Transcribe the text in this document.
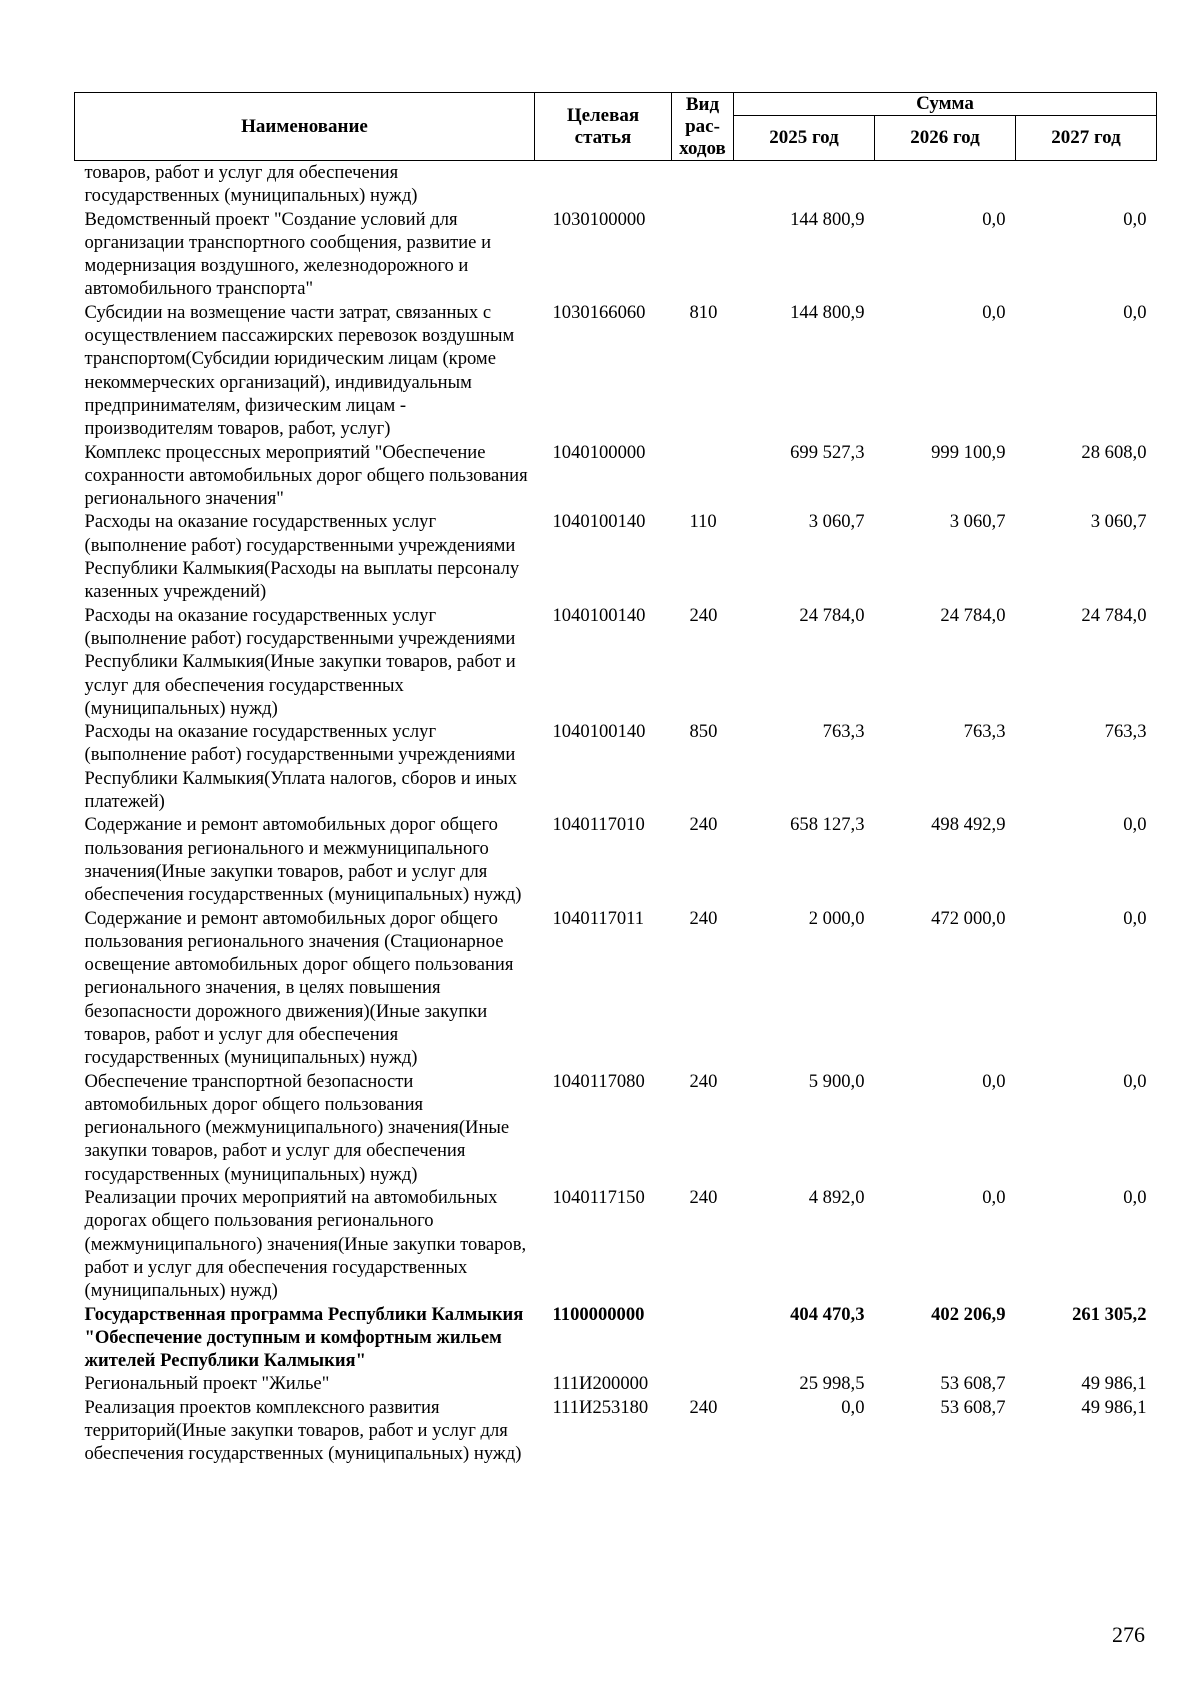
Наименование	Целевая статья	Вид рас-ходов	Сумма		
			2025 год	2026 год	2027 год
товаров, работ и услуг для обеспечения государственных (муниципальных) нужд)					
Ведомственный проект "Создание условий для организации транспортного сообщения, развитие и модернизация воздушного, железнодорожного и автомобильного транспорта"	1030100000		144 800,9	0,0	0,0
Субсидии на возмещение части затрат, связанных с осуществлением пассажирских перевозок воздушным транспортом(Субсидии юридическим лицам (кроме некоммерческих организаций), индивидуальным предпринимателям, физическим лицам - производителям товаров, работ, услуг)	1030166060	810	144 800,9	0,0	0,0
Комплекс процессных мероприятий "Обеспечение сохранности автомобильных дорог общего пользования регионального значения"	1040100000		699 527,3	999 100,9	28 608,0
Расходы на оказание государственных услуг (выполнение работ) государственными учреждениями Республики Калмыкия(Расходы на выплаты персоналу казенных учреждений)	1040100140	110	3 060,7	3 060,7	3 060,7
Расходы на оказание государственных услуг (выполнение работ) государственными учреждениями Республики Калмыкия(Иные закупки товаров, работ и услуг для обеспечения государственных (муниципальных) нужд)	1040100140	240	24 784,0	24 784,0	24 784,0
Расходы на оказание государственных услуг (выполнение работ) государственными учреждениями Республики Калмыкия(Уплата налогов, сборов и иных платежей)	1040100140	850	763,3	763,3	763,3
Содержание и ремонт автомобильных дорог общего пользования регионального и межмуниципального значения(Иные закупки товаров, работ и услуг для обеспечения государственных (муниципальных) нужд)	1040117010	240	658 127,3	498 492,9	0,0
Содержание и ремонт автомобильных дорог общего пользования регионального значения (Стационарное освещение автомобильных дорог общего пользования регионального значения, в целях повышения безопасности дорожного движения)(Иные закупки товаров, работ и услуг для обеспечения государственных (муниципальных) нужд)	1040117011	240	2 000,0	472 000,0	0,0
Обеспечение транспортной безопасности автомобильных дорог общего пользования регионального (межмуниципального) значения(Иные закупки товаров, работ и услуг для обеспечения государственных (муниципальных) нужд)	1040117080	240	5 900,0	0,0	0,0
Реализации прочих мероприятий на автомобильных дорогах общего пользования регионального (межмуниципального) значения(Иные закупки товаров, работ и услуг для обеспечения государственных (муниципальных) нужд)	1040117150	240	4 892,0	0,0	0,0
Государственная программа Республики Калмыкия "Обеспечение доступным и комфортным жильем жителей Республики Калмыкия"	1100000000		404 470,3	402 206,9	261 305,2
Региональный проект "Жилье"	111И200000		25 998,5	53 608,7	49 986,1
Реализация проектов комплексного развития территорий(Иные закупки товаров, работ и услуг для обеспечения государственных (муниципальных) нужд)	111И253180	240	0,0	53 608,7	49 986,1
276
